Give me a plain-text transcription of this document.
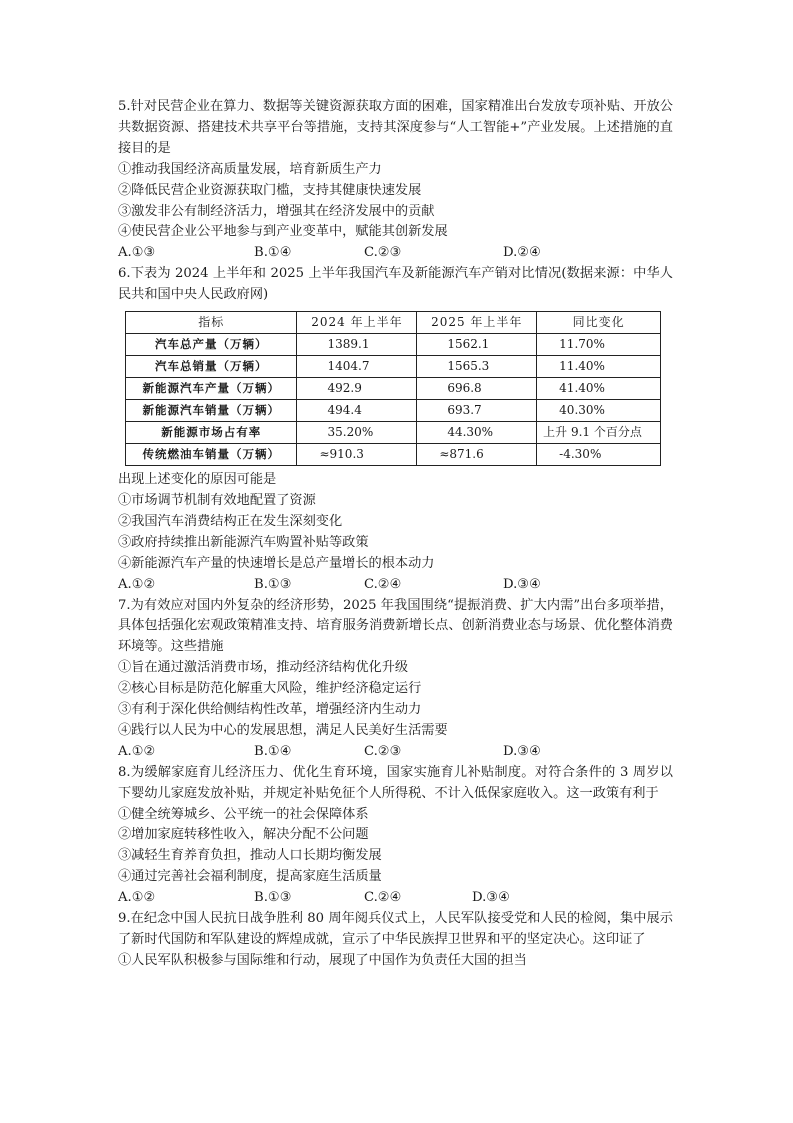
5.针对民营企业在算力、数据等关键资源获取方面的困难，国家精准出台发放专项补贴、开放公共数据资源、搭建技术共享平台等措施，支持其深度参与“人工智能+”产业发展。上述措施的直接目的是
①推动我国经济高质量发展，培育新质生产力
②降低民营企业资源获取门槛，支持其健康快速发展
③激发非公有制经济活力，增强其在经济发展中的贡献
④使民营企业公平地参与到产业变革中，赋能其创新发展
A.①③	B.①④	C.②③	D.②④
6.下表为 2024 上半年和 2025 上半年我国汽车及新能源汽车产销对比情况(数据来源：中华人民共和国中央人民政府网)
指标	2024 年上半年	2025 年上半年	同比变化
汽车总产量（万辆）	1389.1	1562.1	11.70%
汽车总销量（万辆）	1404.7	1565.3	11.40%
新能源汽车产量（万辆）	492.9	696.8	41.40%
新能源汽车销量（万辆）	494.4	693.7	40.30%
新能源市场占有率	35.20%	44.30%	上升 9.1 个百分点
传统燃油车销量（万辆）	≈910.3	≈871.6	-4.30%
出现上述变化的原因可能是
①市场调节机制有效地配置了资源
②我国汽车消费结构正在发生深刻变化
③政府持续推出新能源汽车购置补贴等政策
④新能源汽车产量的快速增长是总产量增长的根本动力
A.①②	B.①③	C.②④	D.③④
7.为有效应对国内外复杂的经济形势，2025 年我国围绕“提振消费、扩大内需”出台多项举措，具体包括强化宏观政策精准支持、培育服务消费新增长点、创新消费业态与场景、优化整体消费环境等。这些措施
①旨在通过激活消费市场，推动经济结构优化升级
②核心目标是防范化解重大风险，维护经济稳定运行
③有利于深化供给侧结构性改革，增强经济内生动力
④践行以人民为中心的发展思想，满足人民美好生活需要
A.①②	B.①④	C.②③	D.③④
8.为缓解家庭育儿经济压力、优化生育环境，国家实施育儿补贴制度。对符合条件的 3 周岁以下婴幼儿家庭发放补贴，并规定补贴免征个人所得税、不计入低保家庭收入。这一政策有利于
①健全统筹城乡、公平统一的社会保障体系
②增加家庭转移性收入，解决分配不公问题
③减轻生育养育负担，推动人口长期均衡发展
④通过完善社会福利制度，提高家庭生活质量
A.①②	B.①③	C.②④	D.③④
9.在纪念中国人民抗日战争胜利 80 周年阅兵仪式上，人民军队接受党和人民的检阅，集中展示了新时代国防和军队建设的辉煌成就，宣示了中华民族捍卫世界和平的坚定决心。这印证了
①人民军队积极参与国际维和行动，展现了中国作为负责任大国的担当
